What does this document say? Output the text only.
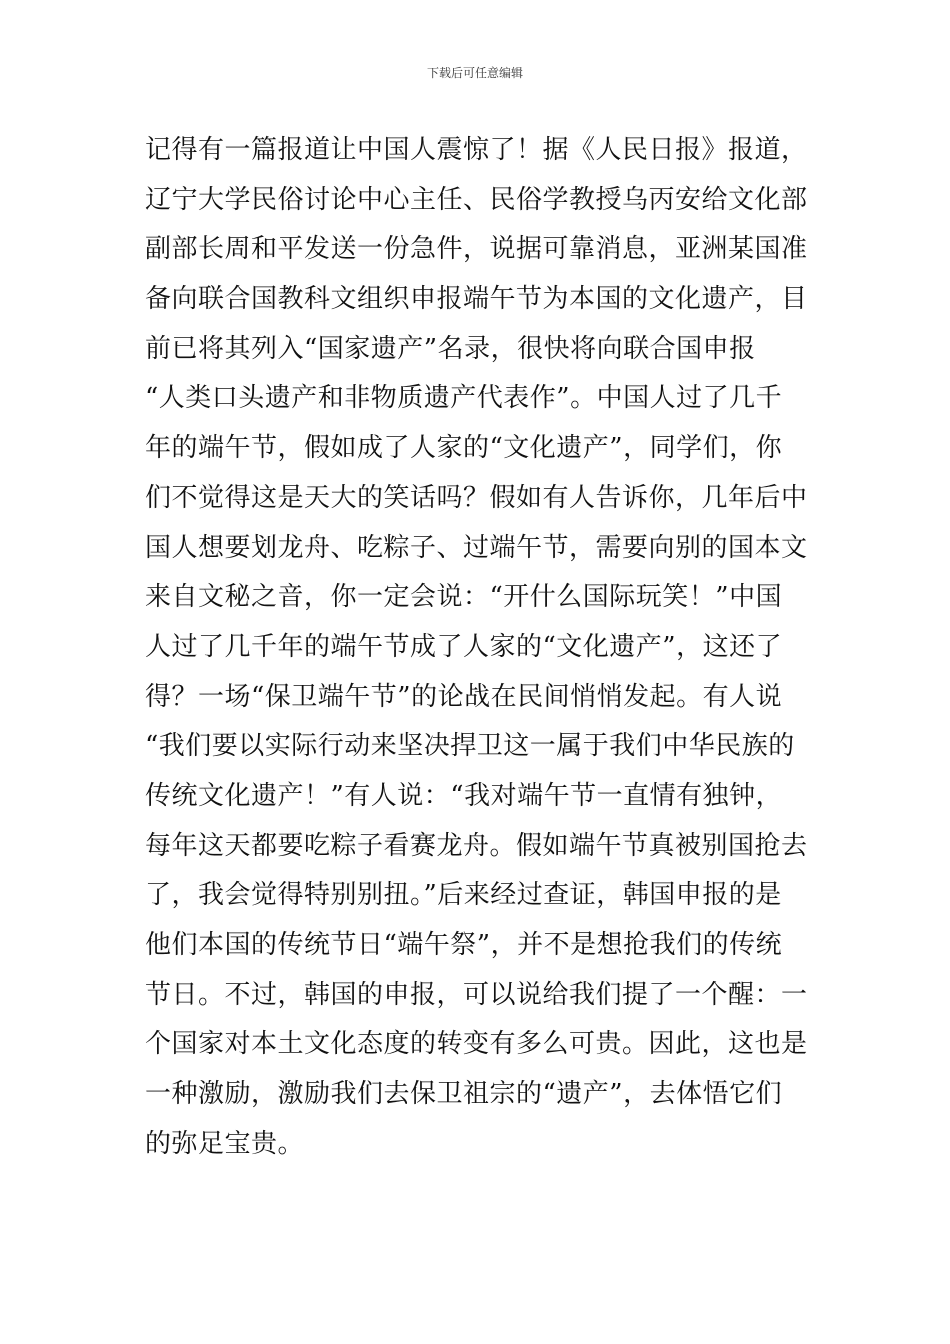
下载后可任意编辑
记得有一篇报道让中国人震惊了！据《人民日报》报道，
辽宁大学民俗讨论中心主任、民俗学教授乌丙安给文化部
副部长周和平发送一份急件，说据可靠消息，亚洲某国准
备向联合国教科文组织申报端午节为本国的文化遗产，目
前已将其列入“国家遗产”名录，很快将向联合国申报
“人类口头遗产和非物质遗产代表作”。中国人过了几千
年的端午节，假如成了人家的“文化遗产”，同学们，你
们不觉得这是天大的笑话吗？假如有人告诉你，几年后中
国人想要划龙舟、吃粽子、过端午节，需要向别的国本文
来自文秘之音，你一定会说：“开什么国际玩笑！”中国
人过了几千年的端午节成了人家的“文化遗产”，这还了
得？一场“保卫端午节”的论战在民间悄悄发起。有人说
“我们要以实际行动来坚决捍卫这一属于我们中华民族的
传统文化遗产！”有人说：“我对端午节一直情有独钟，
每年这天都要吃粽子看赛龙舟。假如端午节真被别国抢去
了，我会觉得特别别扭。”后来经过查证，韩国申报的是
他们本国的传统节日“端午祭”，并不是想抢我们的传统
节日。不过，韩国的申报，可以说给我们提了一个醒：一
个国家对本土文化态度的转变有多么可贵。因此，这也是
一种激励，激励我们去保卫祖宗的“遗产”，去体悟它们
的弥足宝贵。
